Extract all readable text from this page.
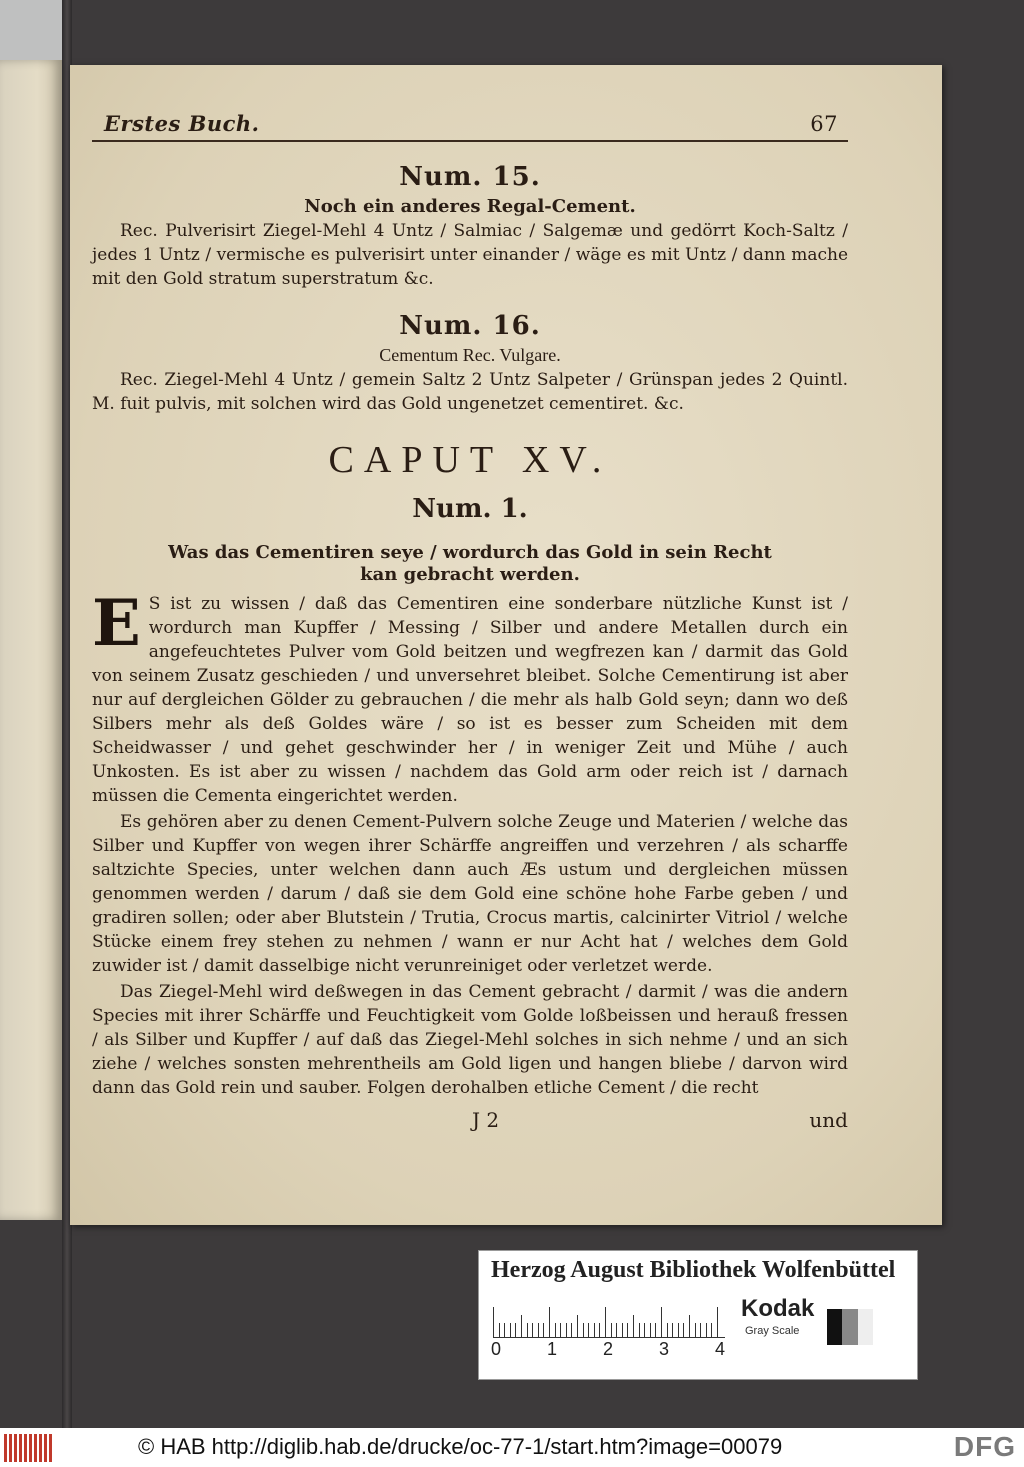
Erstes Buch.	67
Num. 15.
Noch ein anderes Regal-Cement.

Rec. Pulverisirt Ziegel-Mehl 4 Untz / Salmiac / Salgemæ und gedörrt Koch-Saltz / jedes 1 Untz / vermische es pulverisirt unter einander / wäge es mit Untz / dann mache mit den Gold stratum superstratum &c.

Num. 16.
Cementum Rec. Vulgare.

Rec. Ziegel-Mehl 4 Untz / gemein Saltz 2 Untz Salpeter / Grünspan jedes 2 Quintl. M. fuit pulvis, mit solchen wird das Gold ungenetzet cementiret. &c.

CAPUT XV.
Num. 1.
Was das Cementiren seye / wordurch das Gold in sein Recht kan gebracht werden.

E S ist zu wissen / daß das Cementiren eine sonderbare nützliche Kunst ist / wordurch man Kupffer / Messing / Silber und andere Metallen durch ein angefeuchtetes Pulver vom Gold beitzen und wegfrezen kan / darmit das Gold von seinem Zusatz geschieden / und unversehret bleibet. Solche Cementirung ist aber nur auf dergleichen Gölder zu gebrauchen / die mehr als halb Gold seyn; dann wo deß Silbers mehr als deß Goldes wäre / so ist es besser zum Scheiden mit dem Scheidwasser / und gehet geschwinder her / in weniger Zeit und Mühe / auch Unkosten. Es ist aber zu wissen / nachdem das Gold arm oder reich ist / darnach müssen die Cementa eingerichtet werden.

Es gehören aber zu denen Cement-Pulvern solche Zeuge und Materien / welche das Silber und Kupffer von wegen ihrer Schärffe angreiffen und verzehren / als scharffe saltzichte Species, unter welchen dann auch Æs ustum und dergleichen müssen genommen werden / darum / daß sie dem Gold eine schöne hohe Farbe geben / und gradiren sollen; oder aber Blutstein / Trutia, Crocus martis, calcinirter Vitriol / welche Stücke einem frey stehen zu nehmen / wann er nur Acht hat / welches dem Gold zuwider ist / damit dasselbige nicht verunreiniget oder verletzet werde.

Das Ziegel-Mehl wird deßwegen in das Cement gebracht / darmit / was die andern Species mit ihrer Schärffe und Feuchtigkeit vom Golde loßbeissen und herauß fressen / als Silber und Kupffer / auf daß das Ziegel-Mehl solches in sich nehme / und an sich ziehe / welches sonsten mehrentheils am Gold ligen und hangen bliebe / darvon wird dann das Gold rein und sauber. Folgen derohalben etliche Cement / die recht

J 2	und
Herzog August Bibliothek Wolfenbüttel
0	1	2	3	4
Kodak
Gray Scale
© HAB http://diglib.hab.de/drucke/oc-77-1/start.htm?image=00079	DFG
